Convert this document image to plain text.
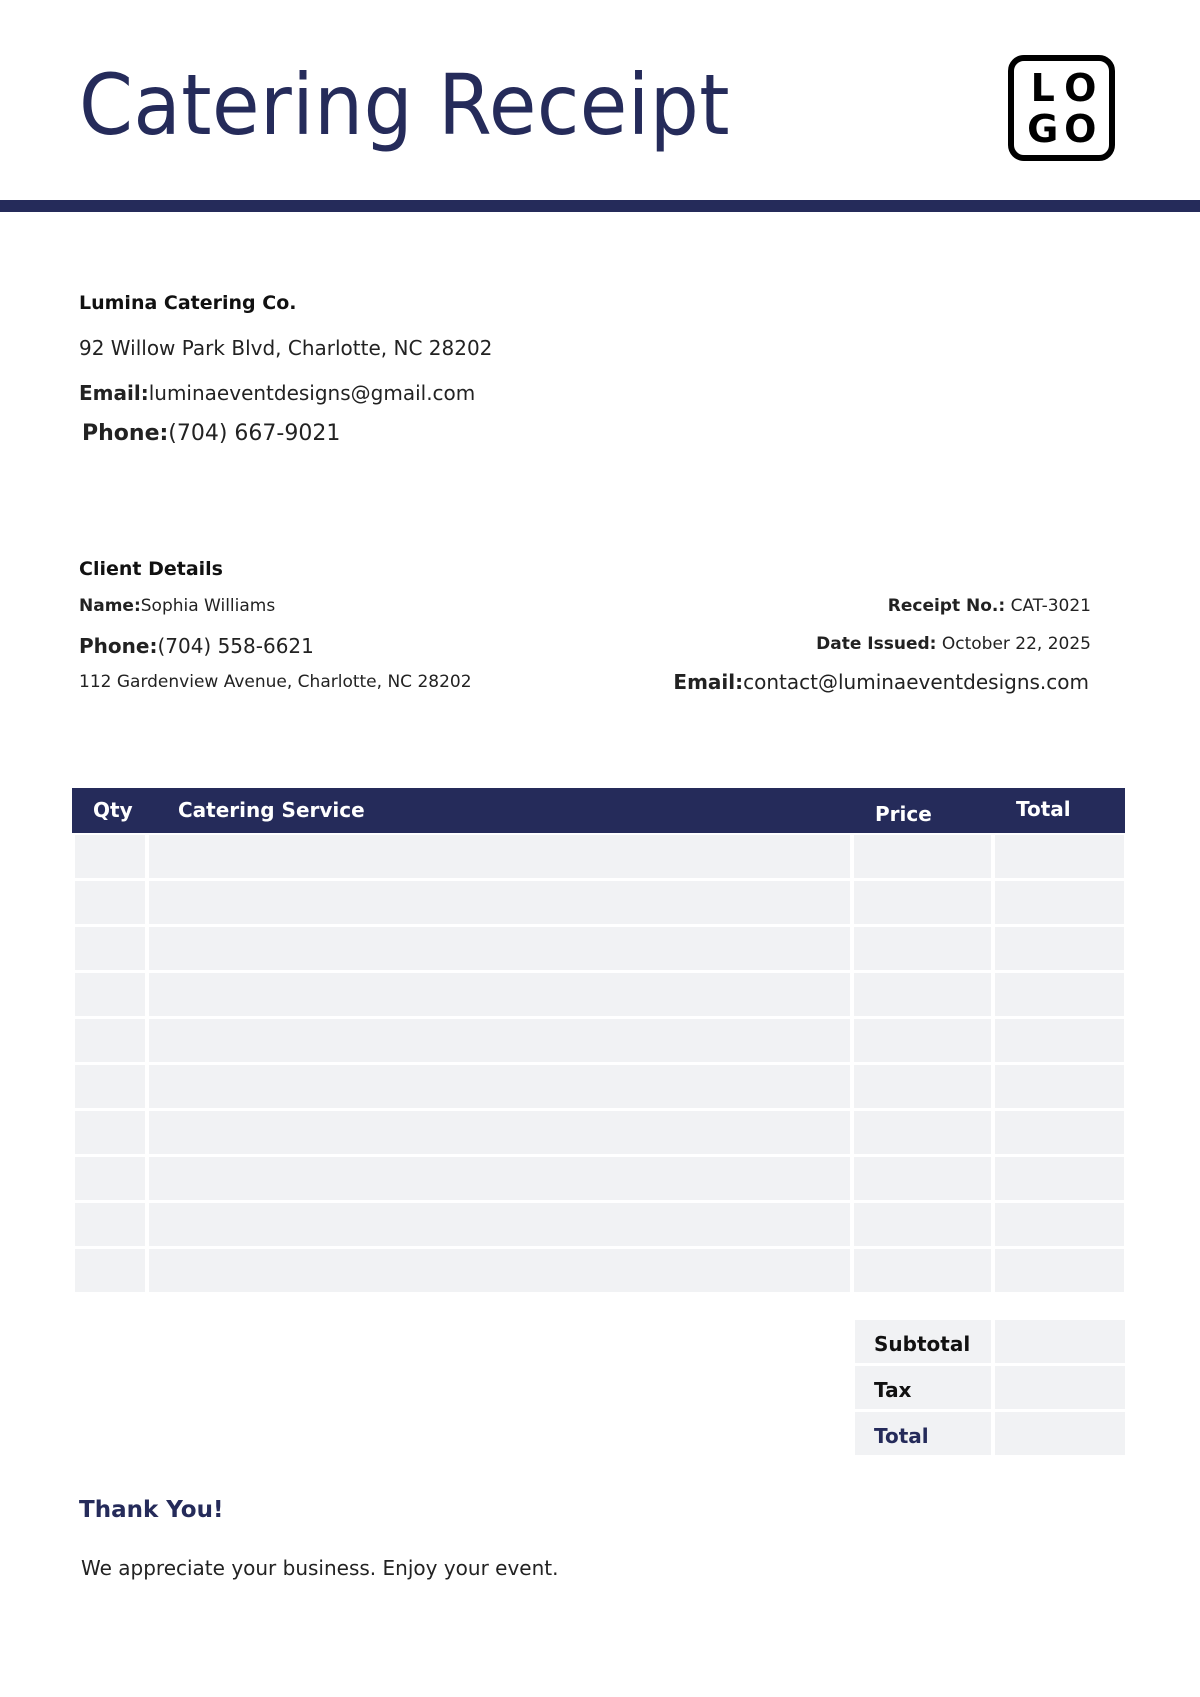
Catering Receipt	L O
G O
Lumina Catering Co.
92 Willow Park Blvd, Charlotte, NC 28202
Email:luminaeventdesigns@gmail.com
Phone:(704) 667-9021
Client Details
Name:Sophia Williams
Phone:(704) 558-6621
112 Gardenview Avenue, Charlotte, NC 28202
Receipt No.: CAT-3021
Date Issued: October 22, 2025
Email:contact@luminaeventdesigns.com
Qty Catering Service	Price	Total
Subtotal
Tax
Total
Thank You!
We appreciate your business. Enjoy your event.
